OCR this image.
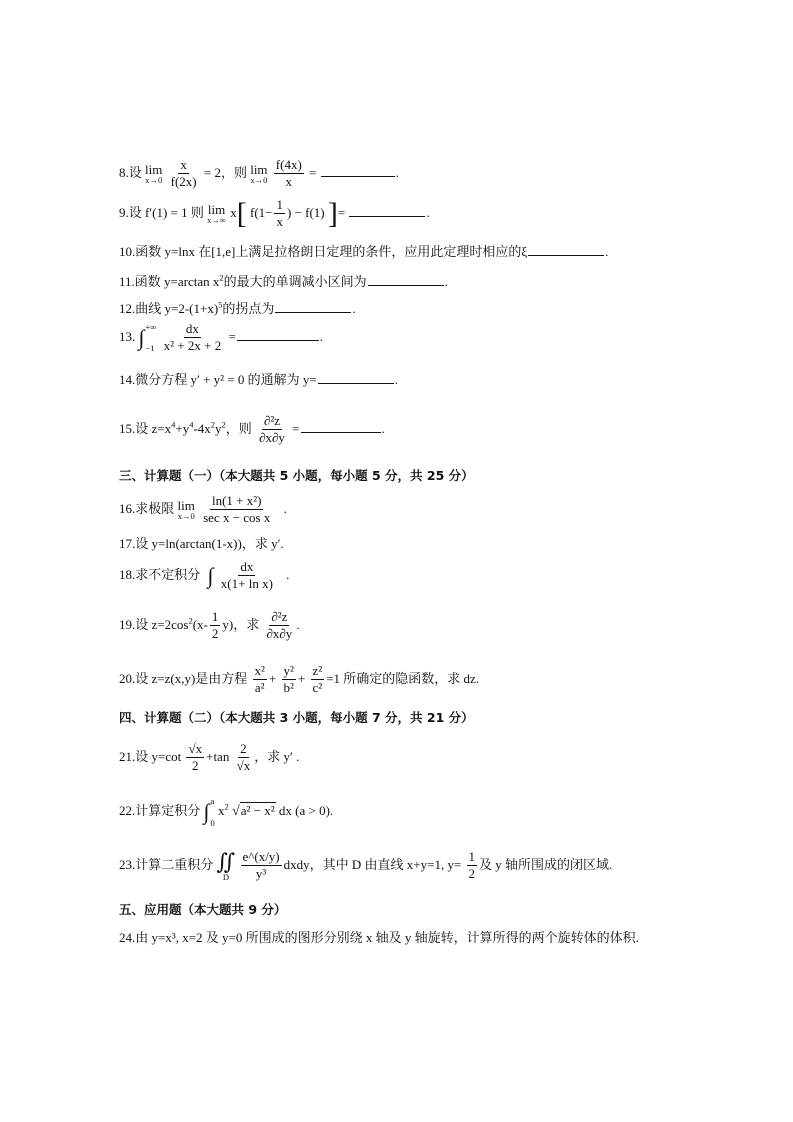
8.设 lim
x→0
$\frac{x}{f(2x)} = 2$，则 lim
x→0
$\frac{f(4x)}{x}$ =	.
9.设 f′(1) = 1 则 lim
x→∞
x[ $f(1- \frac{1}{x}$ ) − f(1) ]=	.
10.函数 y=lnx 在[1,e]上满足拉格朗日定理的条件，应用此定理时相应的ξ	.
11.函数 y=arctan $x^2$的最大的单调减小区间为	.
12.曲线 $y=2-(1+x)^5$的拐点为	.
13. ∫ +∞
−1
$\frac{dx}{\text{x² + 2x + 2}}$ =	.
14.微分方程 y′ + y² = 0 的通解为 y=	.
15.设 $z=x^4+y^4-4x^2y^2$，则 $\frac{\text{∂²z}}{\partial x\partial y}$ =	.
三、计算题（一）（本大题共 5 小题，每小题 5 分，共 25 分）
16.求极限 lim
x→0
$\frac{\text{ln(1 + x²)}}{\text{sec x − cos x}}$ .
17.设 y=ln(arctan(1-x))，求 y′.
18.求不定积分 ∫ $\frac{dx}{\text{x(1+ ln x)}}$ .
19.设 $z=2\cos^2(x- \frac{1}{2} y)$，求 $\frac{\text{∂²z}}{\partial x\partial y}$ .
20.设 z=z(x,y)是由方程 $\frac{\text{x²}}{\text{a²}} + \frac{\text{y²}}{\text{b²}} + \frac{\text{z²}}{\text{c²}} =1$ 所确定的隐函数，求 dz.
四、计算题（二）（本大题共 3 小题，每小题 7 分，共 21 分）
21.设 $y=\cot \frac{√x}{2} +\tan \frac{2}{√x}$ ，求 y′ .
22.计算定积分 ∫ a
0
$x^2$ √a² − x² dx (a > 0).
23.计算二重积分 ∬
D
$\frac{e\^{}(x/y)}{\text{y³}}$ dxdy，其中 D 由直线 x+y=1, $y= \frac{1}{2}$ 及 y 轴所围成的闭区域.
五、应用题（本大题共 9 分）
24.由 y=x³, x=2 及 y=0 所围成的图形分别绕 x 轴及 y 轴旋转，计算所得的两个旋转体的体积.
